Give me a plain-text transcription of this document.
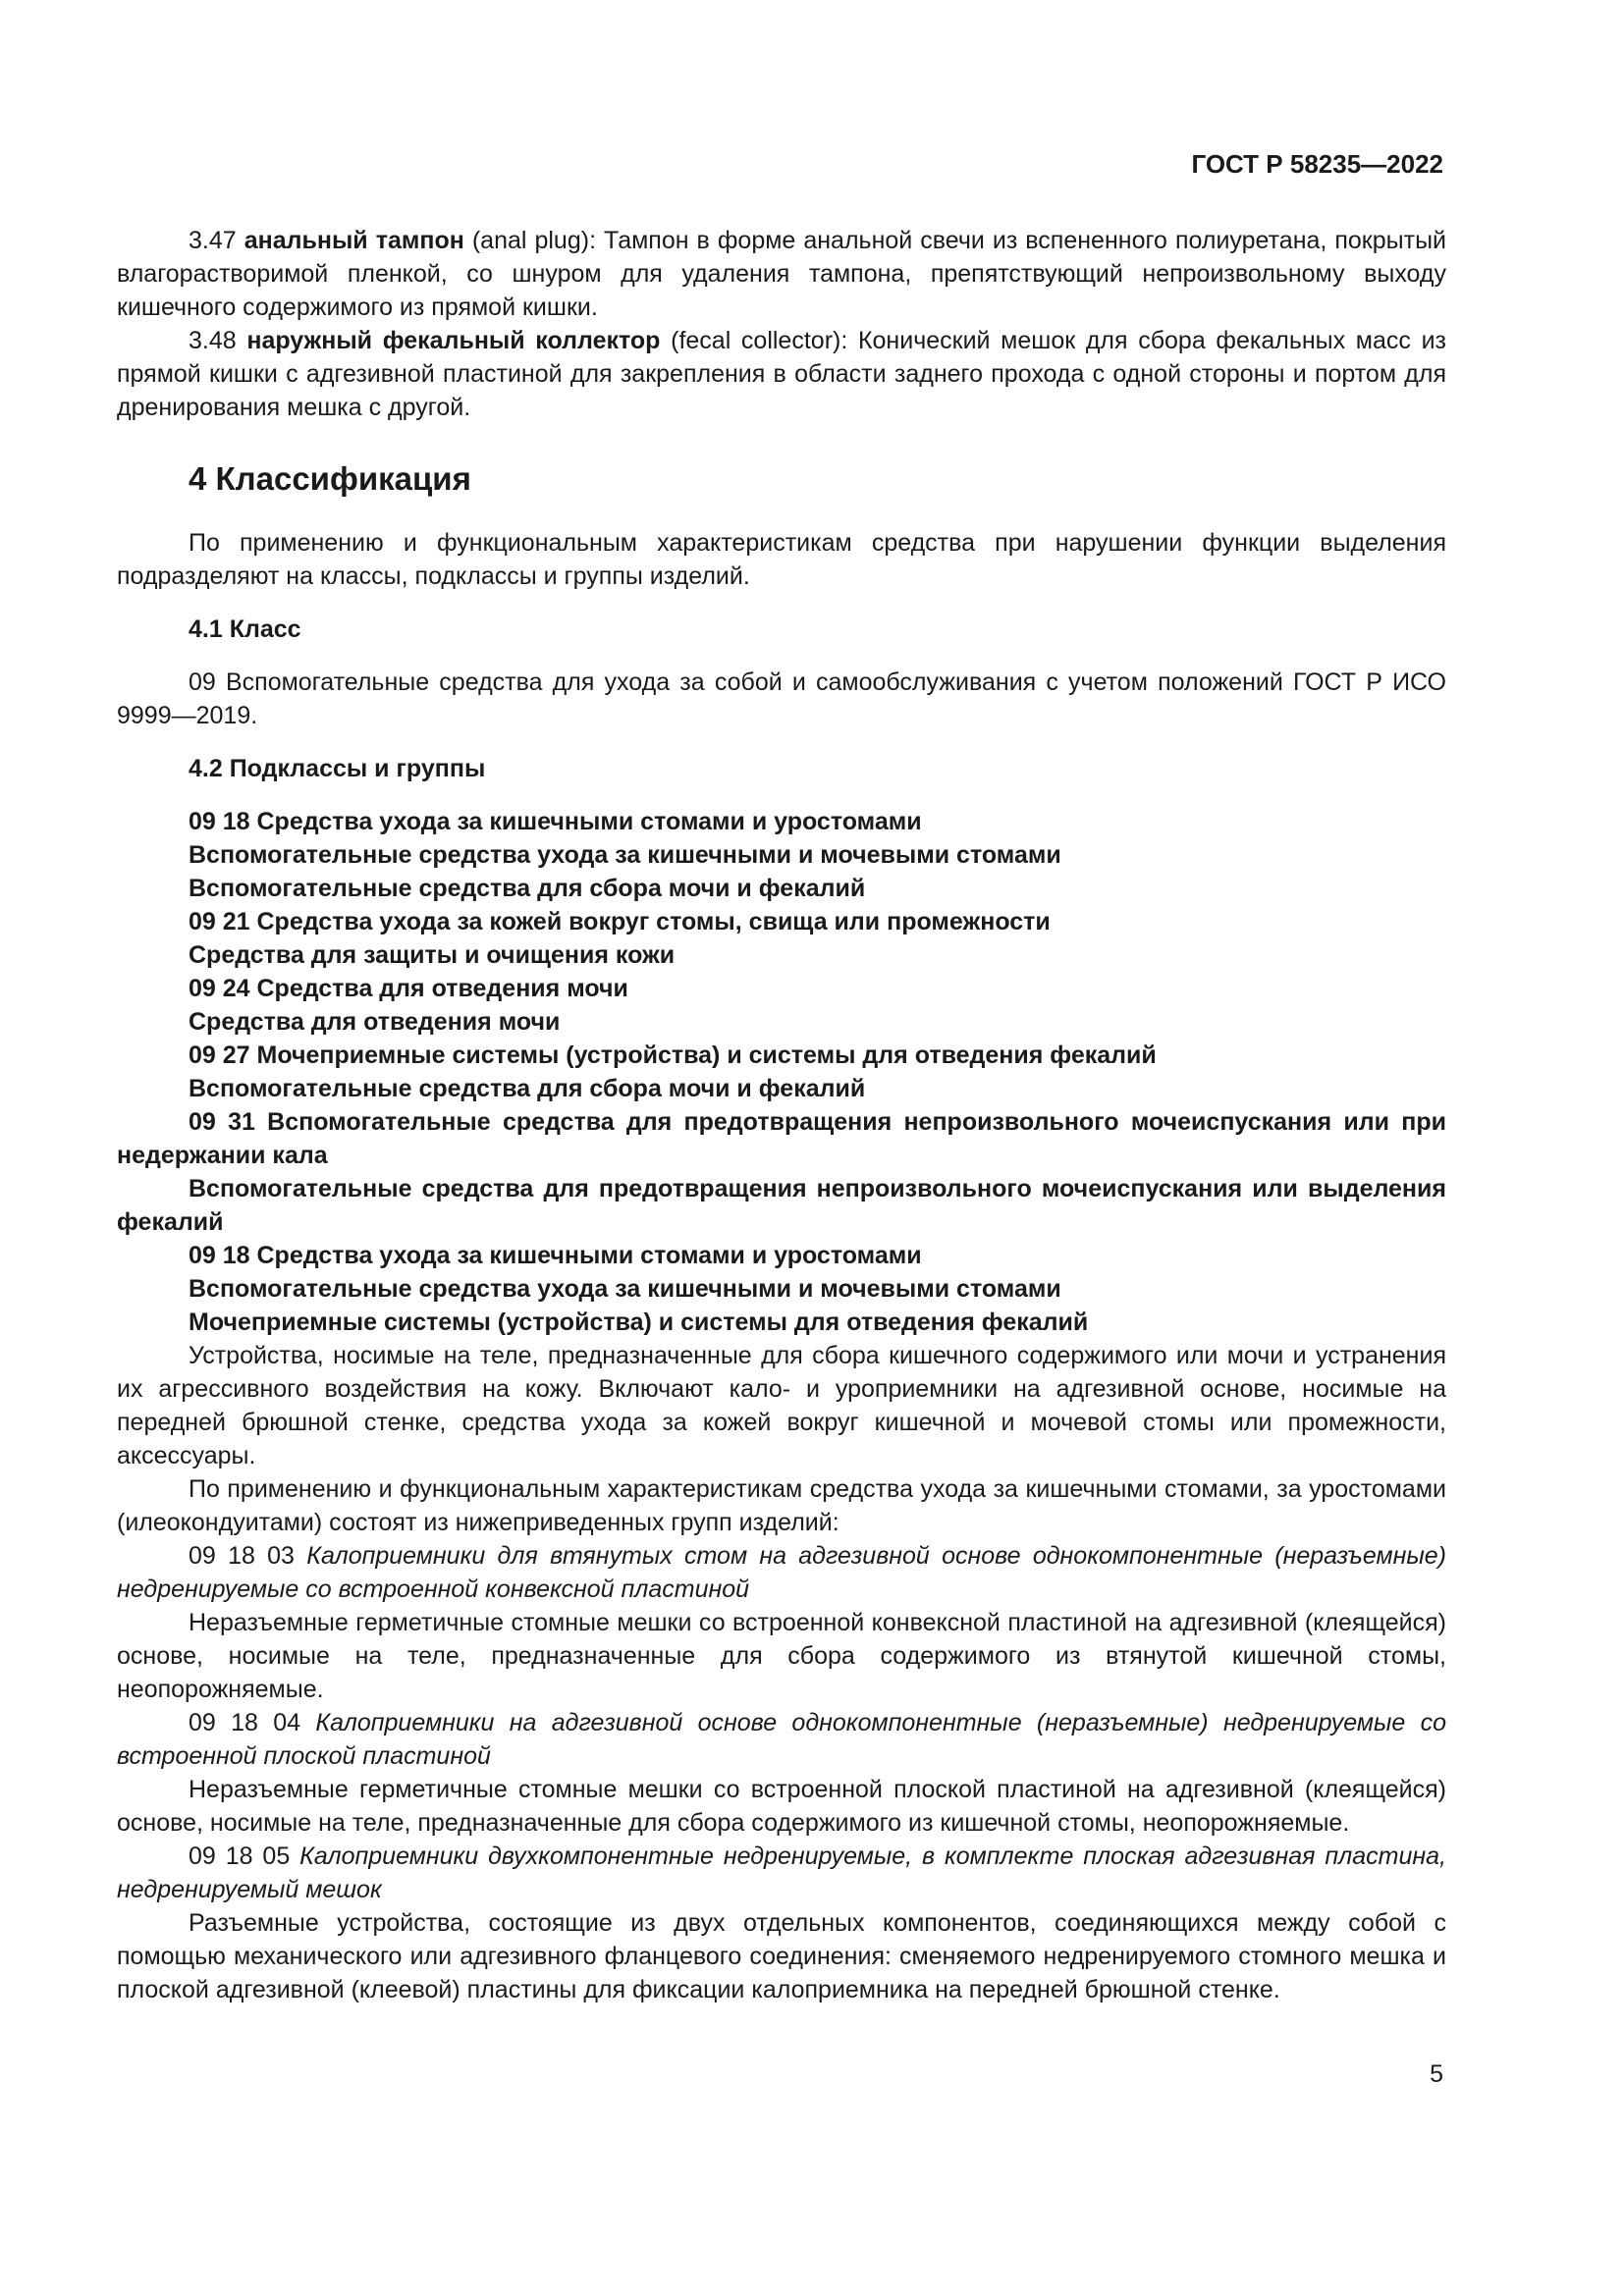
ГОСТ Р 58235—2022

3.47 анальный тампон (anal plug): Тампон в форме анальной свечи из вспененного полиуретана, покрытый влагорастворимой пленкой, со шнуром для удаления тампона, препятствующий непроизвольному выходу кишечного содержимого из прямой кишки.

3.48 наружный фекальный коллектор (fecal collector): Конический мешок для сбора фекальных масс из прямой кишки с адгезивной пластиной для закрепления в области заднего прохода с одной стороны и портом для дренирования мешка с другой.

4 Классификация

По применению и функциональным характеристикам средства при нарушении функции выделения подразделяют на классы, подклассы и группы изделий.

4.1 Класс

09 Вспомогательные средства для ухода за собой и самообслуживания с учетом положений ГОСТ Р ИСО 9999—2019.

4.2 Подклассы и группы

09 18 Средства ухода за кишечными стомами и уростомами

Вспомогательные средства ухода за кишечными и мочевыми стомами

Вспомогательные средства для сбора мочи и фекалий

09 21 Средства ухода за кожей вокруг стомы, свища или промежности

Средства для защиты и очищения кожи

09 24 Средства для отведения мочи

Средства для отведения мочи

09 27 Мочеприемные системы (устройства) и системы для отведения фекалий

Вспомогательные средства для сбора мочи и фекалий

09 31 Вспомогательные средства для предотвращения непроизвольного мочеиспускания или при недержании кала

Вспомогательные средства для предотвращения непроизвольного мочеиспускания или выделения фекалий

09 18 Средства ухода за кишечными стомами и уростомами

Вспомогательные средства ухода за кишечными и мочевыми стомами

Мочеприемные системы (устройства) и системы для отведения фекалий

Устройства, носимые на теле, предназначенные для сбора кишечного содержимого или мочи и устранения их агрессивного воздействия на кожу. Включают кало- и уроприемники на адгезивной основе, носимые на передней брюшной стенке, средства ухода за кожей вокруг кишечной и мочевой стомы или промежности, аксессуары.

По применению и функциональным характеристикам средства ухода за кишечными стомами, за уростомами (илеокондуитами) состоят из нижеприведенных групп изделий:

09 18 03 Калоприемники для втянутых стом на адгезивной основе однокомпонентные (неразъемные) недренируемые со встроенной конвексной пластиной

Неразъемные герметичные стомные мешки со встроенной конвексной пластиной на адгезивной (клеящейся) основе, носимые на теле, предназначенные для сбора содержимого из втянутой кишечной стомы, неопорожняемые.

09 18 04 Калоприемники на адгезивной основе однокомпонентные (неразъемные) недренируемые со встроенной плоской пластиной

Неразъемные герметичные стомные мешки со встроенной плоской пластиной на адгезивной (клеящейся) основе, носимые на теле, предназначенные для сбора содержимого из кишечной стомы, неопорожняемые.

09 18 05 Калоприемники двухкомпонентные недренируемые, в комплекте плоская адгезивная пластина, недренируемый мешок

Разъемные устройства, состоящие из двух отдельных компонентов, соединяющихся между собой с помощью механического или адгезивного фланцевого соединения: сменяемого недренируемого стомного мешка и плоской адгезивной (клеевой) пластины для фиксации калоприемника на передней брюшной стенке.

5
